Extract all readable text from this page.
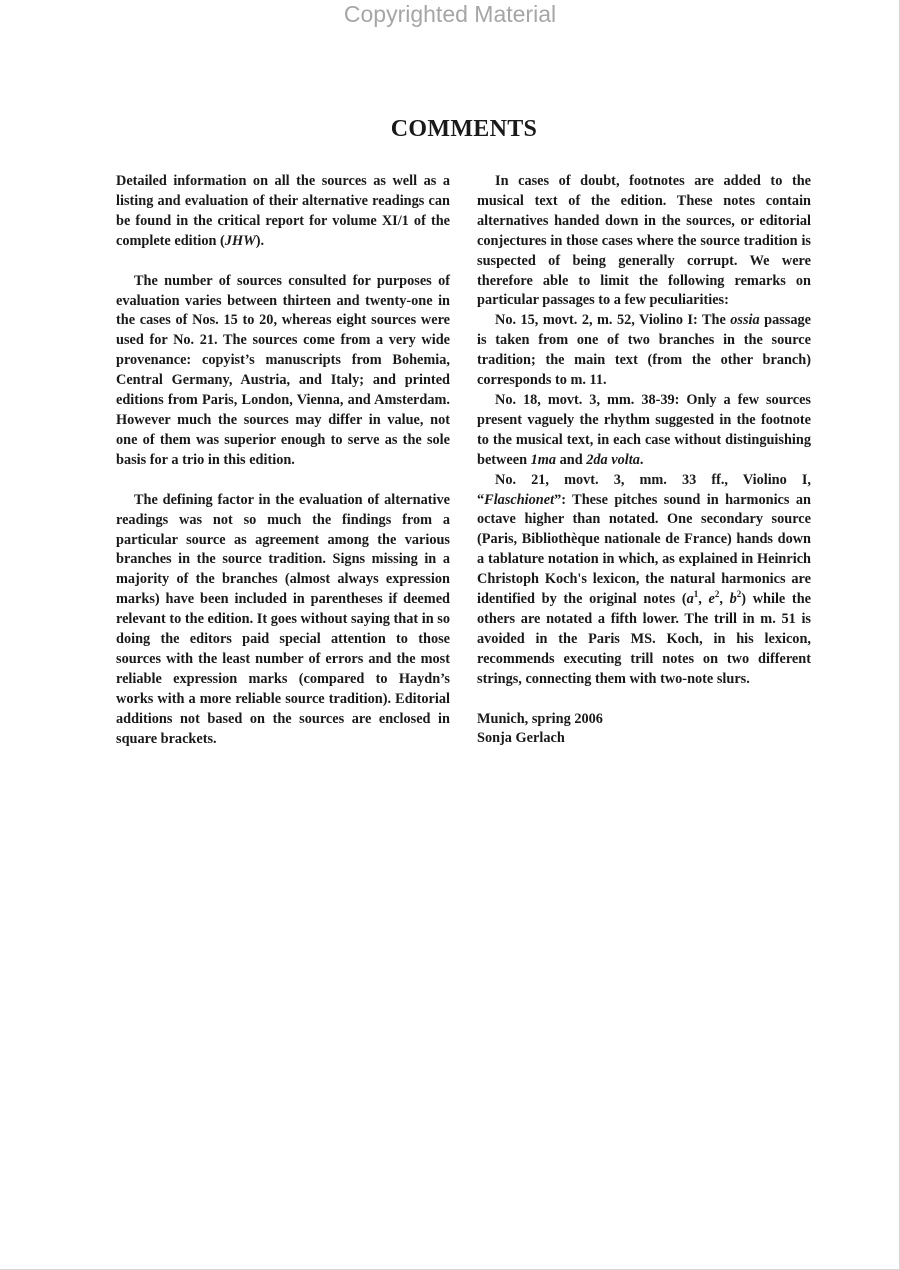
Copyrighted Material
COMMENTS

Detailed information on all the sources as well as a listing and evaluation of their alternative readings can be found in the critical report for volume XI/1 of the complete edition (JHW).

The number of sources consulted for purposes of evaluation varies between thirteen and twenty-one in the cases of Nos. 15 to 20, whereas eight sources were used for No. 21. The sources come from a very wide provenance: copyist’s manuscripts from Bohemia, Central Germany, Austria, and Italy; and printed editions from Paris, London, Vienna, and Amsterdam. However much the sources may differ in value, not one of them was superior enough to serve as the sole basis for a trio in this edition.

The defining factor in the evaluation of alternative readings was not so much the findings from a particular source as agreement among the various branches in the source tradition. Signs missing in a majority of the branches (almost always expression marks) have been included in parentheses if deemed relevant to the edition. It goes without saying that in so doing the editors paid special attention to those sources with the least number of errors and the most reliable expression marks (compared to Haydn’s works with a more reliable source tradition). Editorial additions not based on the sources are enclosed in square brackets.

In cases of doubt, footnotes are added to the musical text of the edition. These notes contain alternatives handed down in the sources, or editorial conjectures in those cases where the source tradition is suspected of being generally corrupt. We were therefore able to limit the following remarks on particular passages to a few peculiarities:

No. 15, movt. 2, m. 52, Violino I: The ossia passage is taken from one of two branches in the source tradition; the main text (from the other branch) corresponds to m. 11.

No. 18, movt. 3, mm. 38-39: Only a few sources present vaguely the rhythm suggested in the footnote to the musical text, in each case without distinguishing between 1ma and 2da volta.

No. 21, movt. 3, mm. 33 ff., Violino I, “Flaschionet”: These pitches sound in harmonics an octave higher than notated. One secondary source (Paris, Bibliothèque nationale de France) hands down a tablature notation in which, as explained in Heinrich Christoph Koch's lexicon, the natural harmonics are identified by the original notes ($a^1$, $e^2$, $b^2$) while the others are notated a fifth lower. The trill in m. 51 is avoided in the Paris MS. Koch, in his lexicon, recommends executing trill notes on two different strings, connecting them with two-note slurs.

Munich, spring 2006

Sonja Gerlach
